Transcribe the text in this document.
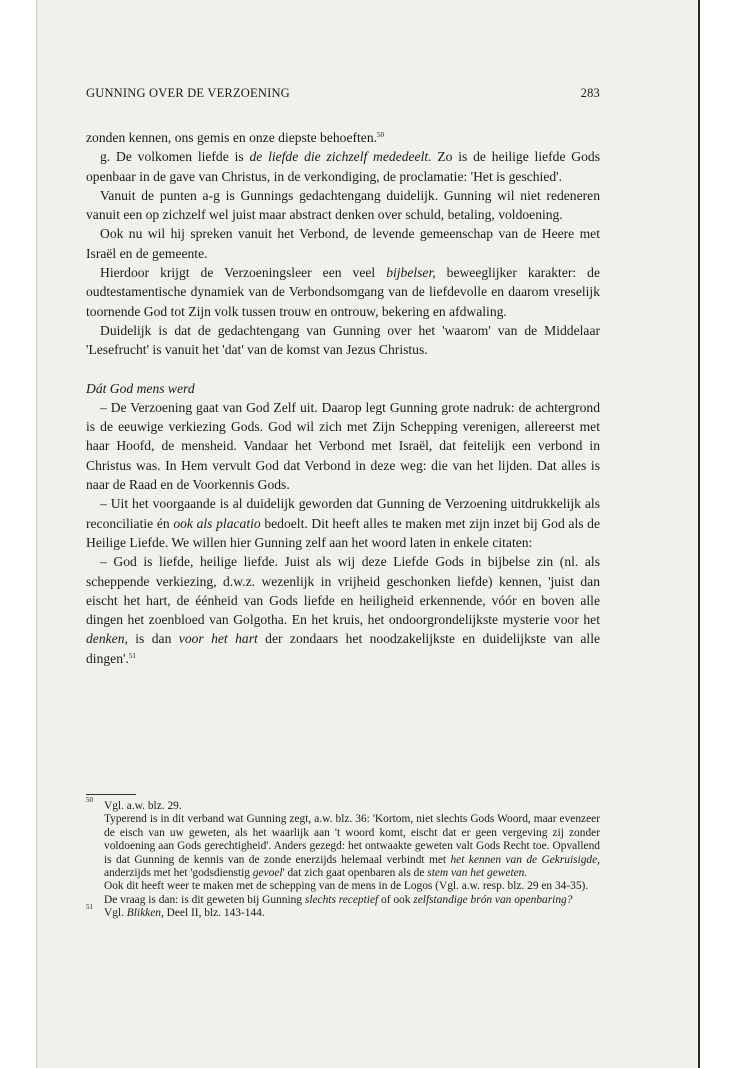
GUNNING OVER DE VERZOENING	283

zonden kennen, ons gemis en onze diepste behoeften.$^{50}$

g. De volkomen liefde is de liefde die zichzelf mededeelt. Zo is de heilige liefde Gods openbaar in de gave van Christus, in de verkondiging, de proclamatie: 'Het is geschied'.

Vanuit de punten a-g is Gunnings gedachtengang duidelijk. Gunning wil niet redeneren vanuit een op zichzelf wel juist maar abstract denken over schuld, betaling, voldoening.

Ook nu wil hij spreken vanuit het Verbond, de levende gemeenschap van de Heere met Israël en de gemeente.

Hierdoor krijgt de Verzoeningsleer een veel bijbelser, beweeglijker karakter: de oudtestamentische dynamiek van de Verbondsomgang van de liefdevolle en daarom vreselijk toornende God tot Zijn volk tussen trouw en ontrouw, bekering en afdwaling.

Duidelijk is dat de gedachtengang van Gunning over het 'waarom' van de Middelaar 'Lesefrucht' is vanuit het 'dat' van de komst van Jezus Christus.

Dát God mens werd

– De Verzoening gaat van God Zelf uit. Daarop legt Gunning grote nadruk: de achtergrond is de eeuwige verkiezing Gods. God wil zich met Zijn Schepping verenigen, allereerst met haar Hoofd, de mensheid. Vandaar het Verbond met Israël, dat feitelijk een verbond in Christus was. In Hem vervult God dat Verbond in deze weg: die van het lijden. Dat alles is naar de Raad en de Voorkennis Gods.

– Uit het voorgaande is al duidelijk geworden dat Gunning de Verzoening uitdrukkelijk als reconciliatie én ook als placatio bedoelt. Dit heeft alles te maken met zijn inzet bij God als de Heilige Liefde. We willen hier Gunning zelf aan het woord laten in enkele citaten:

– God is liefde, heilige liefde. Juist als wij deze Liefde Gods in bijbelse zin (nl. als scheppende verkiezing, d.w.z. wezenlijk in vrijheid geschonken liefde) kennen, 'juist dan eischt het hart, de éénheid van Gods liefde en heiligheid erkennende, vóór en boven alle dingen het zoenbloed van Golgotha. En het kruis, het ondoorgrondelijkste mysterie voor het denken, is dan voor het hart der zondaars het noodzakelijkste en duidelijkste van alle dingen'.$^{51}$

50 Vgl. a.w. blz. 29.

Typerend is in dit verband wat Gunning zegt, a.w. blz. 36: 'Kortom, niet slechts Gods Woord, maar evenzeer de eisch van uw geweten, als het waarlijk aan 't woord komt, eischt dat er geen vergeving zij zonder voldoening aan Gods gerechtigheid'. Anders gezegd: het ontwaakte geweten valt Gods Recht toe. Opvallend is dat Gunning de kennis van de zonde enerzijds helemaal verbindt met het kennen van de Gekruisigde, anderzijds met het 'godsdienstig gevoel' dat zich gaat openbaren als de stem van het geweten.

Ook dit heeft weer te maken met de schepping van de mens in de Logos (Vgl. a.w. resp. blz. 29 en 34-35).

De vraag is dan: is dit geweten bij Gunning slechts receptief of ook zelfstandige brón van openbaring?

51 Vgl. Blikken, Deel II, blz. 143-144.
